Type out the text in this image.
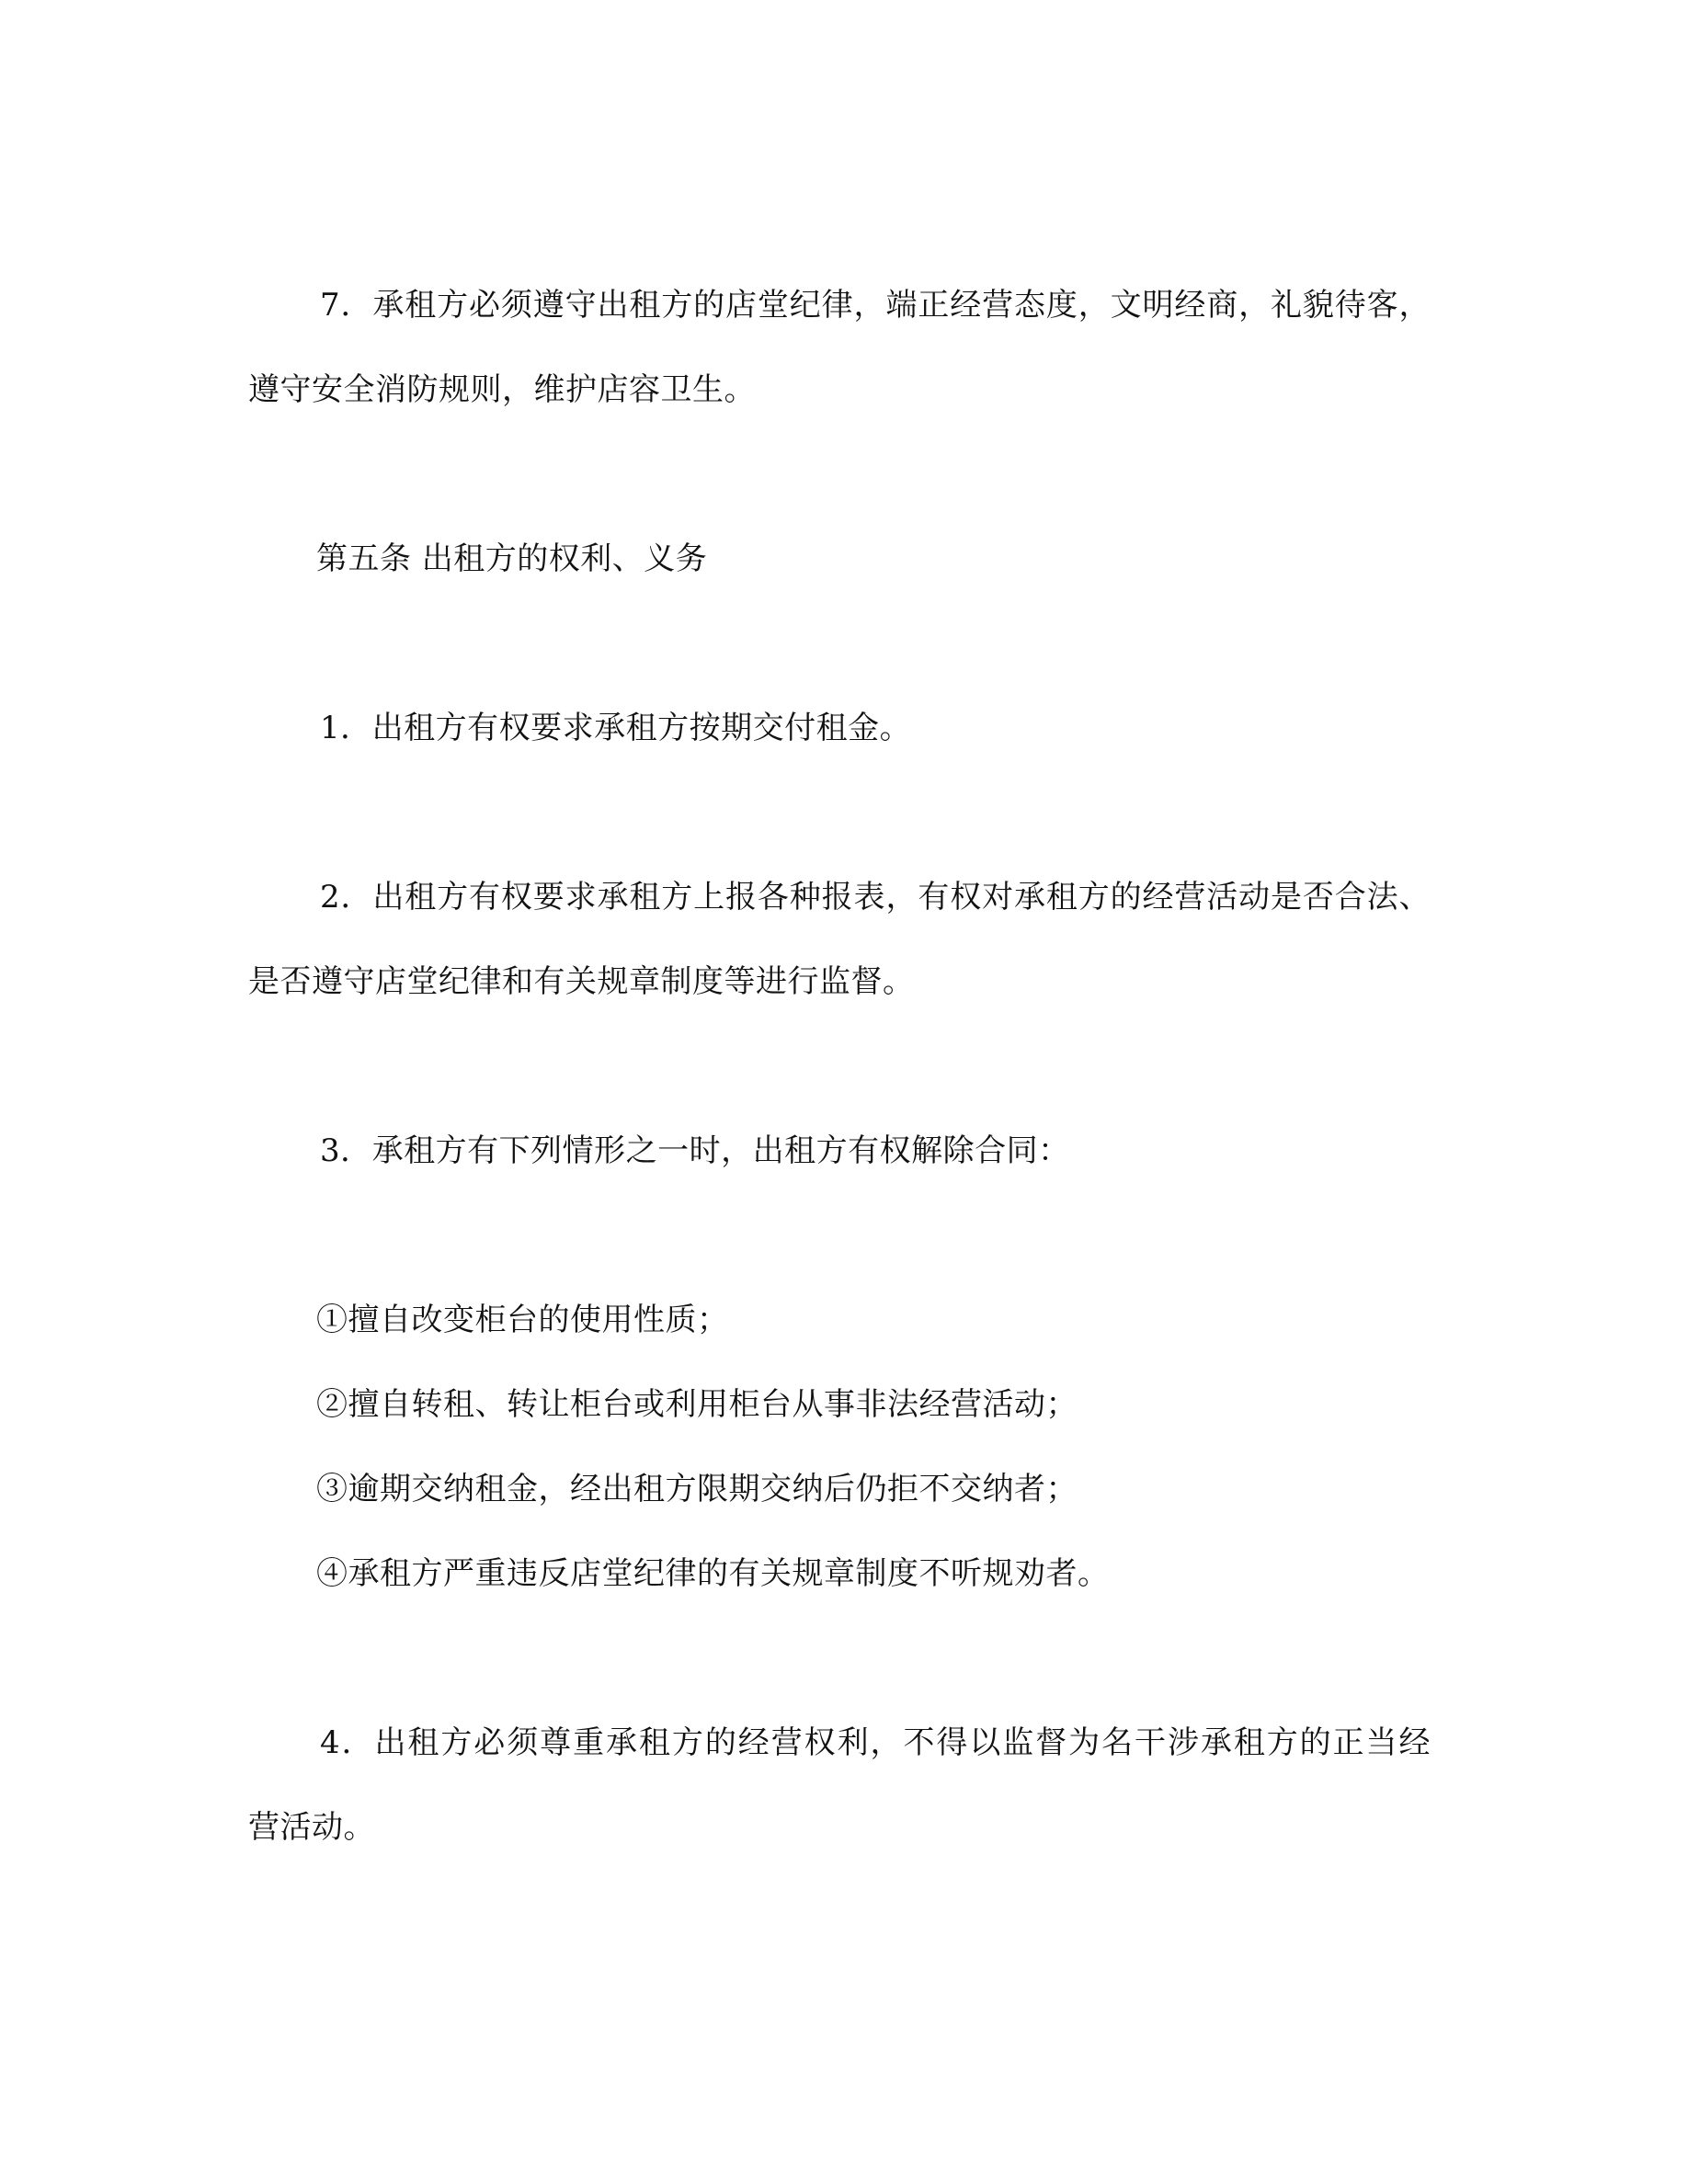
7．承租方必须遵守出租方的店堂纪律，端正经营态度，文明经商，礼貌待客，
遵守安全消防规则，维护店容卫生。
第五条 出租方的权利、义务
1．出租方有权要求承租方按期交付租金。
2．出租方有权要求承租方上报各种报表，有权对承租方的经营活动是否合法、
是否遵守店堂纪律和有关规章制度等进行监督。
3．承租方有下列情形之一时，出租方有权解除合同：
①擅自改变柜台的使用性质；
②擅自转租、转让柜台或利用柜台从事非法经营活动；
③逾期交纳租金，经出租方限期交纳后仍拒不交纳者；
④承租方严重违反店堂纪律的有关规章制度不听规劝者。
4．出租方必须尊重承租方的经营权利，不得以监督为名干涉承租方的正当经
营活动。
